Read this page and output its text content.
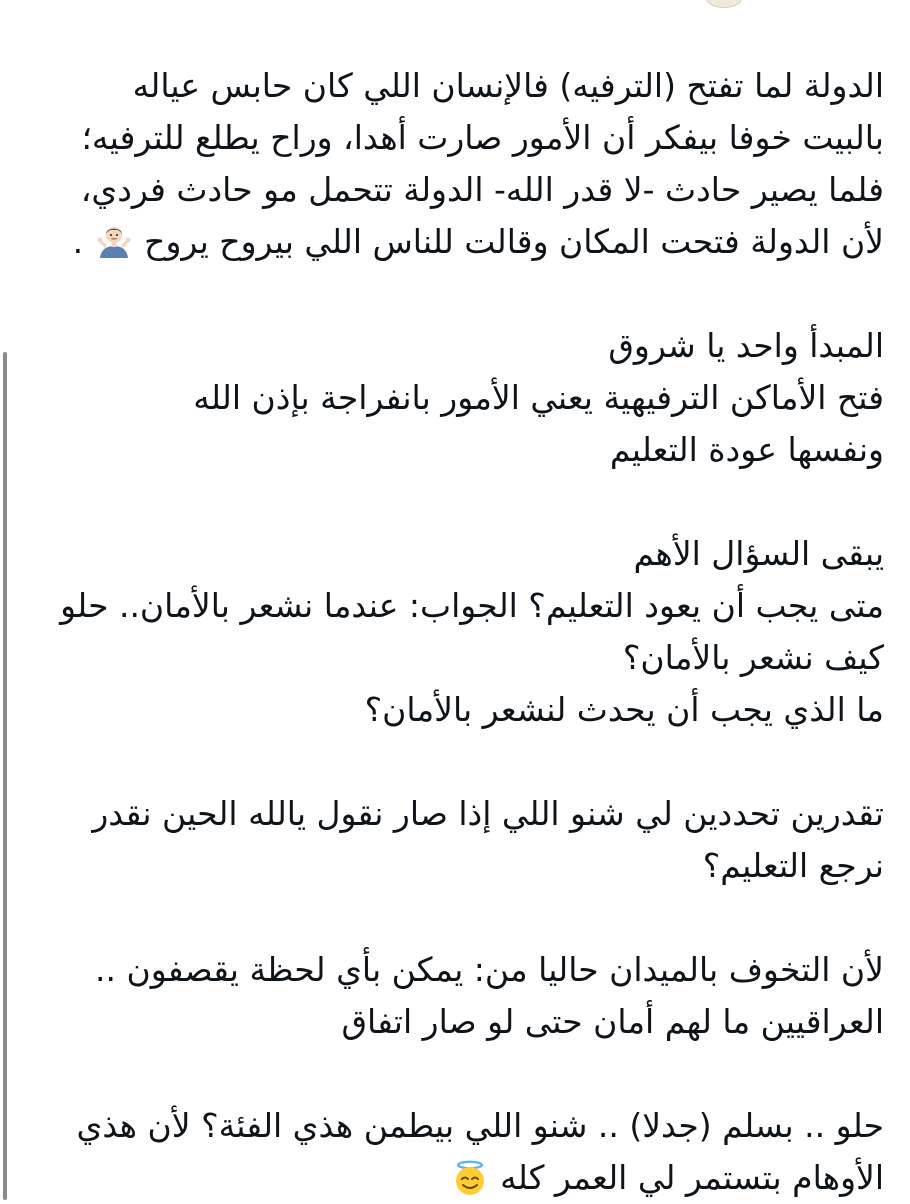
الدولة لما تفتح (الترفيه) فالإنسان اللي كان حابس عياله
بالبيت خوفا بيفكر أن الأمور صارت أهدا، وراح يطلع للترفيه؛
فلما يصير حادث -لا قدر الله- الدولة تتحمل مو حادث فردي،
لأن الدولة فتحت المكان وقالت للناس اللي بيروح يروح  .
المبدأ واحد يا شروق
فتح الأماكن الترفيهية يعني الأمور بانفراجة بإذن الله
ونفسها عودة التعليم
يبقى السؤال الأهم
متى يجب أن يعود التعليم؟ الجواب: عندما نشعر بالأمان.. حلو
كيف نشعر بالأمان؟
ما الذي يجب أن يحدث لنشعر بالأمان؟
تقدرين تحددين لي شنو اللي إذا صار نقول يالله الحين نقدر
نرجع التعليم؟
لأن التخوف بالميدان حاليا من: يمكن بأي لحظة يقصفون ..
العراقيين ما لهم أمان حتى لو صار اتفاق
حلو .. بسلم (جدلا) .. شنو اللي بيطمن هذي الفئة؟ لأن هذي
الأوهام بتستمر لي العمر كله
